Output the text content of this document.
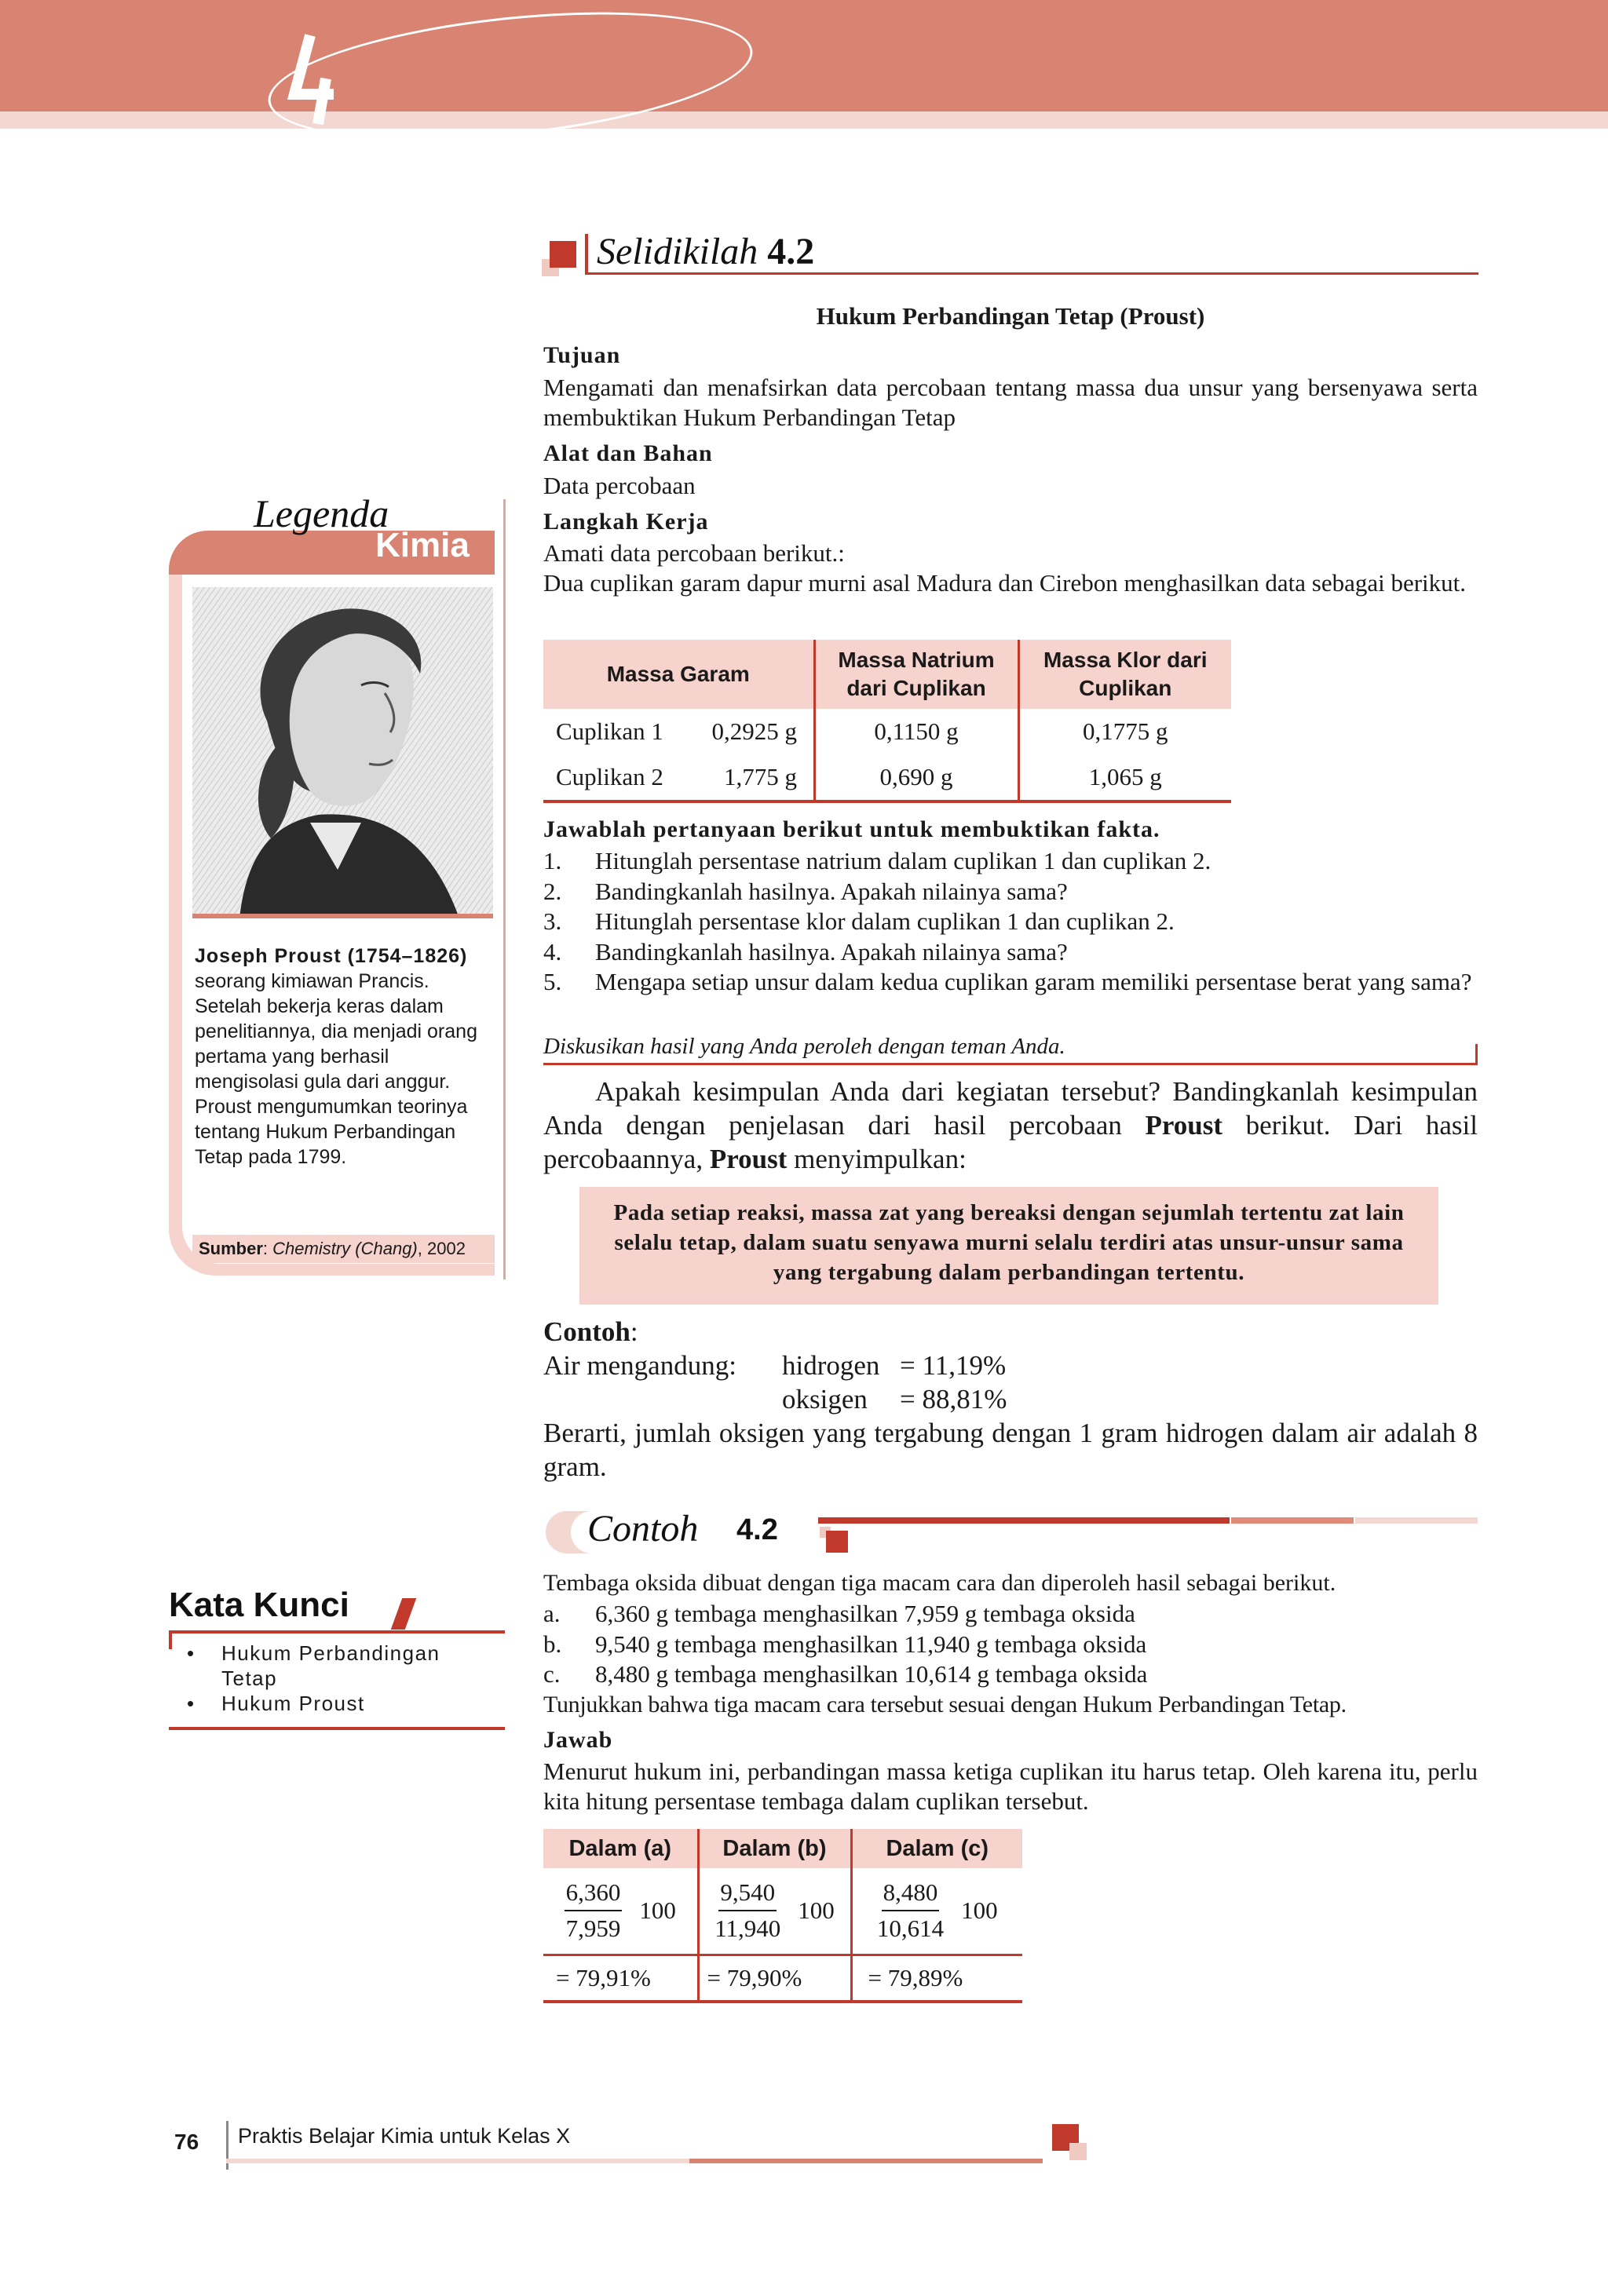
Selidikilah 4.2
Hukum Perbandingan Tetap (Proust)
Tujuan
Mengamati dan menafsirkan data percobaan tentang massa dua unsur yang bersenyawa serta membuktikan Hukum Perbandingan Tetap
Alat dan Bahan
Data percobaan
Langkah Kerja
Amati data percobaan berikut.:
Dua cuplikan garam dapur murni asal Madura dan Cirebon menghasilkan data sebagai berikut.
Massa Garam	Massa Natrium dari Cuplikan	Massa Klor dari Cuplikan
Cuplikan 1 0,2925 g	0,1150 g	0,1775 g
Cuplikan 2 1,775 g	0,690 g	1,065 g
Jawablah pertanyaan berikut untuk membuktikan fakta.
1. Hitunglah persentase natrium dalam cuplikan 1 dan cuplikan 2.
2. Bandingkanlah hasilnya. Apakah nilainya sama?
3. Hitunglah persentase klor dalam cuplikan 1 dan cuplikan 2.
4. Bandingkanlah hasilnya. Apakah nilainya sama?
5. Mengapa setiap unsur dalam kedua cuplikan garam memiliki persentase berat yang sama?
Diskusikan hasil yang Anda peroleh dengan teman Anda.
Apakah kesimpulan Anda dari kegiatan tersebut? Bandingkanlah kesimpulan Anda dengan penjelasan dari hasil percobaan Proust berikut. Dari hasil percobaannya, Proust menyimpulkan:
Pada setiap reaksi, massa zat yang bereaksi dengan sejumlah tertentu zat lain selalu tetap, dalam suatu senyawa murni selalu terdiri atas unsur-unsur sama yang tergabung dalam perbandingan tertentu.
Contoh:
Air mengandung: hidrogen = 11,19%
oksigen = 88,81%
Berarti, jumlah oksigen yang tergabung dengan 1 gram hidrogen dalam air adalah 8 gram.
Contoh 4.2
Tembaga oksida dibuat dengan tiga macam cara dan diperoleh hasil sebagai berikut.
a. 6,360 g tembaga menghasilkan 7,959 g tembaga oksida
b. 9,540 g tembaga menghasilkan 11,940 g tembaga oksida
c. 8,480 g tembaga menghasilkan 10,614 g tembaga oksida
Tunjukkan bahwa tiga macam cara tersebut sesuai dengan Hukum Perbandingan Tetap.
Jawab
Menurut hukum ini, perbandingan massa ketiga cuplikan itu harus tetap. Oleh karena itu, perlu kita hitung persentase tembaga dalam cuplikan tersebut.
Dalam (a)	Dalam (b)	Dalam (c)

$\frac{6,360}{7,959} 100$	$\frac{9,540}{11,940} 100$	$\frac{8,480}{10,614} 100$

= 79,91%	= 79,90%	= 79,89%
Legenda
Kimia
Joseph Proust (1754–1826) seorang kimiawan Prancis. Setelah bekerja keras dalam penelitiannya, dia menjadi orang pertama yang berhasil mengisolasi gula dari anggur. Proust mengumumkan teorinya tentang Hukum Perbandingan Tetap pada 1799.
Sumber: Chemistry (Chang), 2002
Kata Kunci
• Hukum Perbandingan Tetap
• Hukum Proust
76 Praktis Belajar Kimia untuk Kelas X
